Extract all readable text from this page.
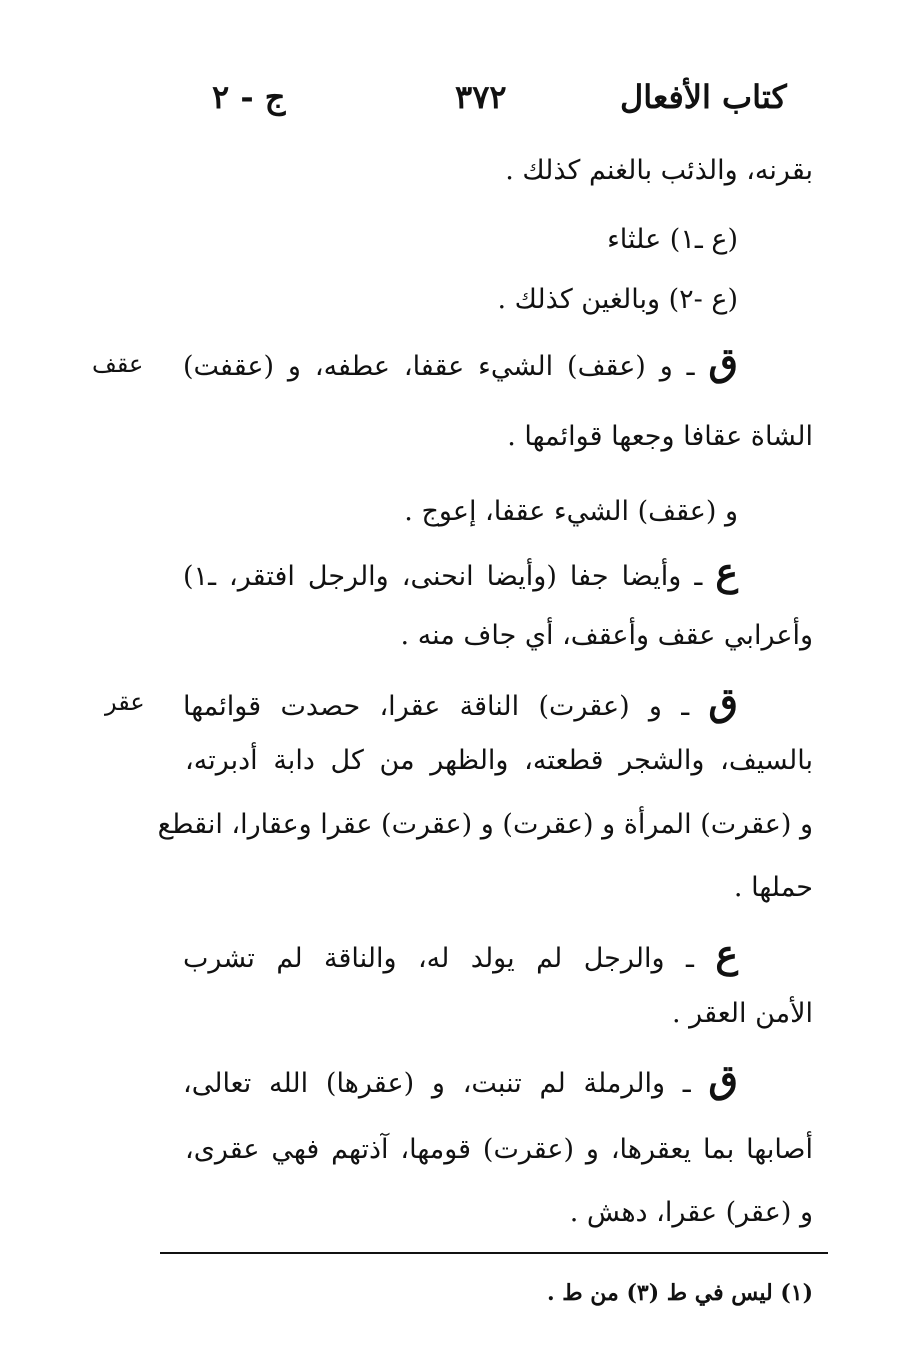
كتاب الأفعال
٣٧٢
ج - ٢
بقرنه، والذئب بالغنم كذلك .
(ع ـ١) علثاء
(ع -٢) وبالغين كذلك .
ق ـ و (عقف) الشيء عقفا، عطفه، و (عقفت)
عقف
الشاة عقافا وجعها قوائمها .
و (عقف) الشيء عقفا، إعوج .
ع ـ وأيضا جفا (وأيضا انحنى، والرجل افتقر، ـ١)
وأعرابي عقف وأعقف، أي جاف منه .
ق ـ و (عقرت) الناقة عقرا، حصدت قوائمها
عقر
بالسيف، والشجر قطعته، والظهر من كل دابة أدبرته،
و (عقرت) المرأة و (عقرت) و (عقرت) عقرا وعقارا، انقطع
حملها .
ع ـ والرجل لم يولد له، والناقة لم تشرب
الأمن العقر .
ق ـ والرملة لم تنبت، و (عقرها) الله تعالى،
أصابها بما يعقرها، و (عقرت) قومها، آذتهم فهي عقرى،
و (عقر) عقرا، دهش .
(١) ليس في ط (٣) من ط .
